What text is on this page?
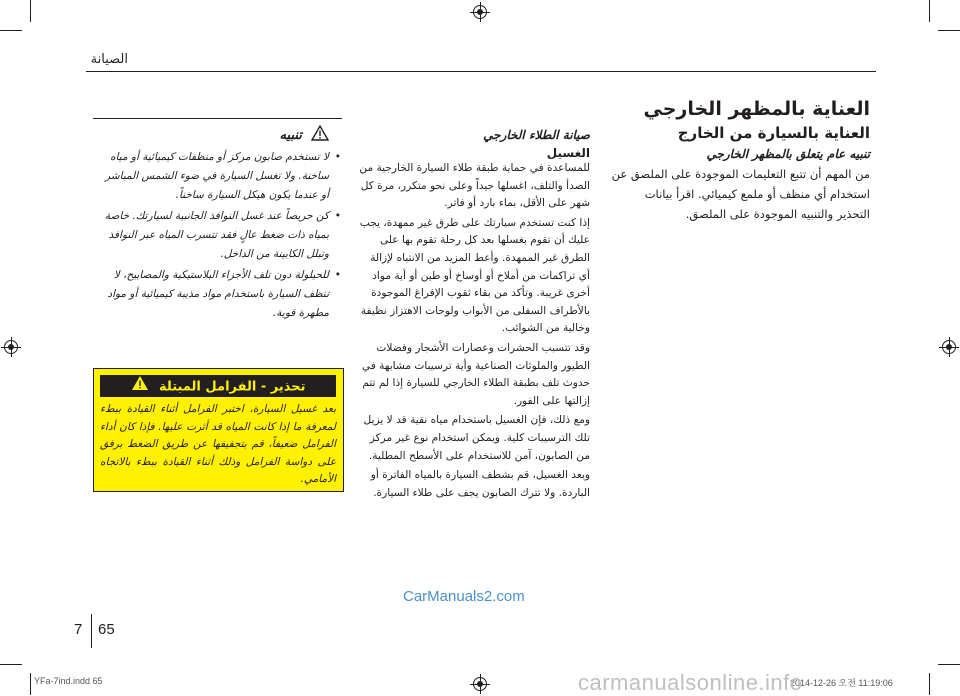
الصيانة
العناية بالمظهر الخارجي
العناية بالسيارة من الخارج
تنبيه عام يتعلق بالمظهر الخارجي
من المهم أن تتبع التعليمات الموجودة على الملصق عن استخدام أي منظف أو ملمع كيميائي. اقرأ بيانات التحذير والتنبيه الموجودة على الملصق.
صيانة الطلاء الخارجي
الغسيل

للمساعدة في حماية طبقة طلاء السيارة الخارجية من الصدأ والتلف، اغسلها جيداً وعلى نحو متكرر، مرة كل شهر على الأقل، بماء بارد أو فاتر.

إذا كنت تستخدم سيارتك على طرق غير ممهدة، يجب عليك أن تقوم بغسلها بعد كل رحلة تقوم بها على الطرق غير الممهدة. وأعط المزيد من الانتباه لإزالة أي تراكمات من أملاح أو أوساخ أو طين أو أية مواد أخرى غريبة. وتأكد من بقاء ثقوب الإفراغ الموجودة بالأطراف السفلى من الأبواب ولوحات الاهتزاز نظيفة وخالية من الشوائب.

وقد تتسبب الحشرات وعصارات الأشجار وفضلات الطيور والملوثات الصناعية وأية ترسيبات مشابهة في حدوث تلف بطبقة الطلاء الخارجي للسيارة إذا لم تتم إزالتها على الفور.

ومع ذلك، فإن الغسيل باستخدام مياه نقية قد لا يزيل تلك الترسيبات كلية. ويمكن استخدام نوع غير مركز من الصابون، آمن للاستخدام على الأسطح المطلية.

وبعد الغسيل، قم بشطف السيارة بالمياه الفاترة أو الباردة. ولا تترك الصابون يجف على طلاء السيارة.

تنبيه
• لا تستخدم صابون مركز أو منظفات كيميائية أو مياه ساخنة. ولا تغسل السيارة في ضوء الشمس المباشر أو عندما يكون هيكل السيارة ساخناً.
• كن حريصاً عند غسل النوافذ الجانبية لسيارتك. خاصة بمياه ذات ضغط عالٍ فقد تتسرب المياه عبر النوافذ وتبلل الكابينة من الداخل.
• للحيلولة دون تلف الأجزاء البلاستيكية والمصابيح، لا تنظف السيارة باستخدام مواد مذيبة كيميائية أو مواد مطهرة قوية.
تحذير - الفرامل المبتلة
بعد غسيل السيارة، اختبر الفرامل أثناء القيادة ببطء لمعرفة ما إذا كانت المياه قد أثرت عليها. فإذا كان أداء الفرامل ضعيفاً، قم بتجفيفها عن طريق الضغط برفق على دواسة الفرامل وذلك أثناء القيادة ببطء بالاتجاه الأمامي.
7 65
CarManuals2.com
YFa-7ind.indd 65	2014-12-26 오전 11:19:06
carmanualsonline.info
